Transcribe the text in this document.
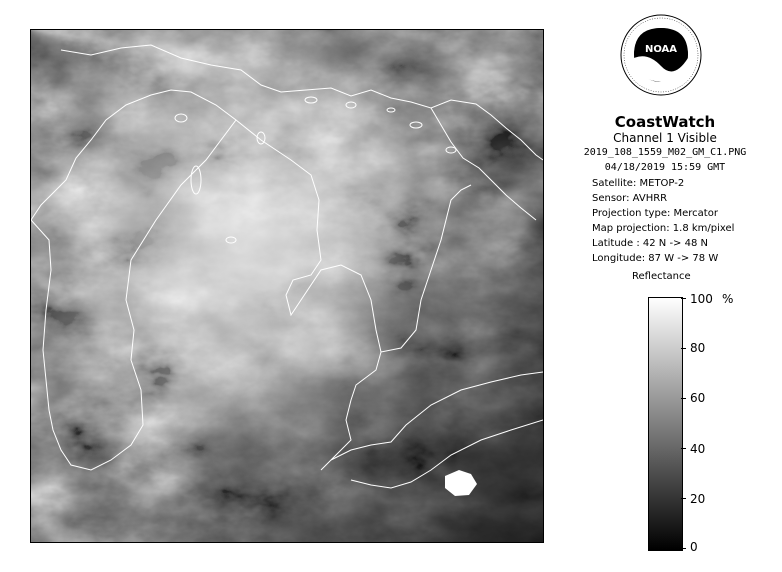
NOAA
CoastWatch
Channel 1 Visible
2019_108_1559_M02_GM_C1.PNG
04/18/2019 15:59 GMT
Satellite: METOP-2
Sensor: AVHRR
Projection type: Mercator
Map projection: 1.8 km/pixel
Latitude : 42 N -> 48 N
Longitude: 87 W -> 78 W
Reflectance
%
100
80
60
40
20
0
